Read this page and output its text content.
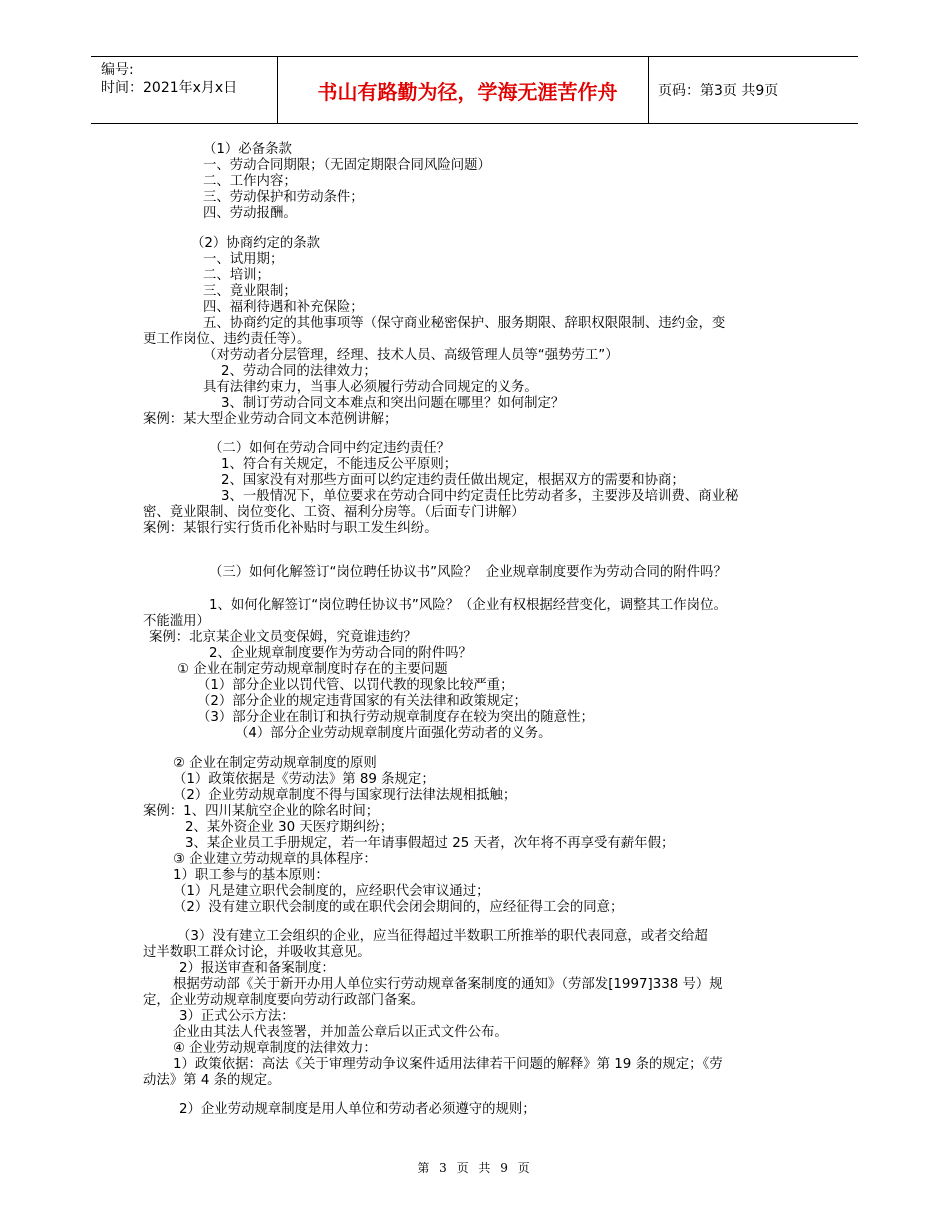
编号:
时间：2021年x月x日	书山有路勤为径，学海无涯苦作舟	页码：第3页 共9页
（1）必备条款
一、劳动合同期限；（无固定期限合同风险问题）
二、工作内容；
三、劳动保护和劳动条件；
四、劳动报酬。
（2）协商约定的条款
一、试用期；
二、培训；
三、竟业限制；
四、福利待遇和补充保险；
五、协商约定的其他事项等（保守商业秘密保护、服务期限、辞职权限限制、违约金，变
更工作岗位、违约责任等）。
（对劳动者分层管理，经理、技术人员、高级管理人员等“强势劳工”）
2、劳动合同的法律效力；
具有法律约束力，当事人必须履行劳动合同规定的义务。
3、制订劳动合同文本难点和突出问题在哪里？如何制定？
案例：某大型企业劳动合同文本范例讲解；
（二）如何在劳动合同中约定违约责任？
1、符合有关规定，不能违反公平原则；
2、国家没有对那些方面可以约定违约责任做出规定，根据双方的需要和协商；
3、一般情况下，单位要求在劳动合同中约定责任比劳动者多，主要涉及培训费、商业秘
密、竟业限制、岗位变化、工资、福利分房等。（后面专门讲解）
案例：某银行实行货币化补贴时与职工发生纠纷。
（三）如何化解签订“岗位聘任协议书”风险？  企业规章制度要作为劳动合同的附件吗？
1、如何化解签订“岗位聘任协议书”风险？（企业有权根据经营变化，调整其工作岗位。
不能滥用）
案例：北京某企业文员变保姆，究竟谁违约？
2、企业规章制度要作为劳动合同的附件吗？
① 企业在制定劳动规章制度时存在的主要问题
（1）部分企业以罚代管、以罚代教的现象比较严重；
（2）部分企业的规定违背国家的有关法律和政策规定；
（3）部分企业在制订和执行劳动规章制度存在较为突出的随意性；
（4）部分企业劳动规章制度片面强化劳动者的义务。
② 企业在制定劳动规章制度的原则
（1）政策依据是《劳动法》第 89 条规定；
（2）企业劳动规章制度不得与国家现行法律法规相抵触；
案例：1、四川某航空企业的除名时间；
2、某外资企业 30 天医疗期纠纷；
3、某企业员工手册规定，若一年请事假超过 25 天者，次年将不再享受有薪年假；
③ 企业建立劳动规章的具体程序：
1）职工参与的基本原则：
（1）凡是建立职代会制度的，应经职代会审议通过；
（2）没有建立职代会制度的或在职代会闭会期间的，应经征得工会的同意；
（3）没有建立工会组织的企业，应当征得超过半数职工所推举的职代表同意，或者交给超
过半数职工群众讨论，并吸收其意见。
2）报送审查和备案制度：
根据劳动部《关于新开办用人单位实行劳动规章备案制度的通知》（劳部发[1997]338 号）规
定，企业劳动规章制度要向劳动行政部门备案。
3）正式公示方法：
企业由其法人代表签署，并加盖公章后以正式文件公布。
④ 企业劳动规章制度的法律效力：
1）政策依据：高法《关于审理劳动争议案件适用法律若干问题的解释》第 19 条的规定；《劳
动法》第 4 条的规定。
2）企业劳动规章制度是用人单位和劳动者必须遵守的规则；
第 3 页 共 9 页
